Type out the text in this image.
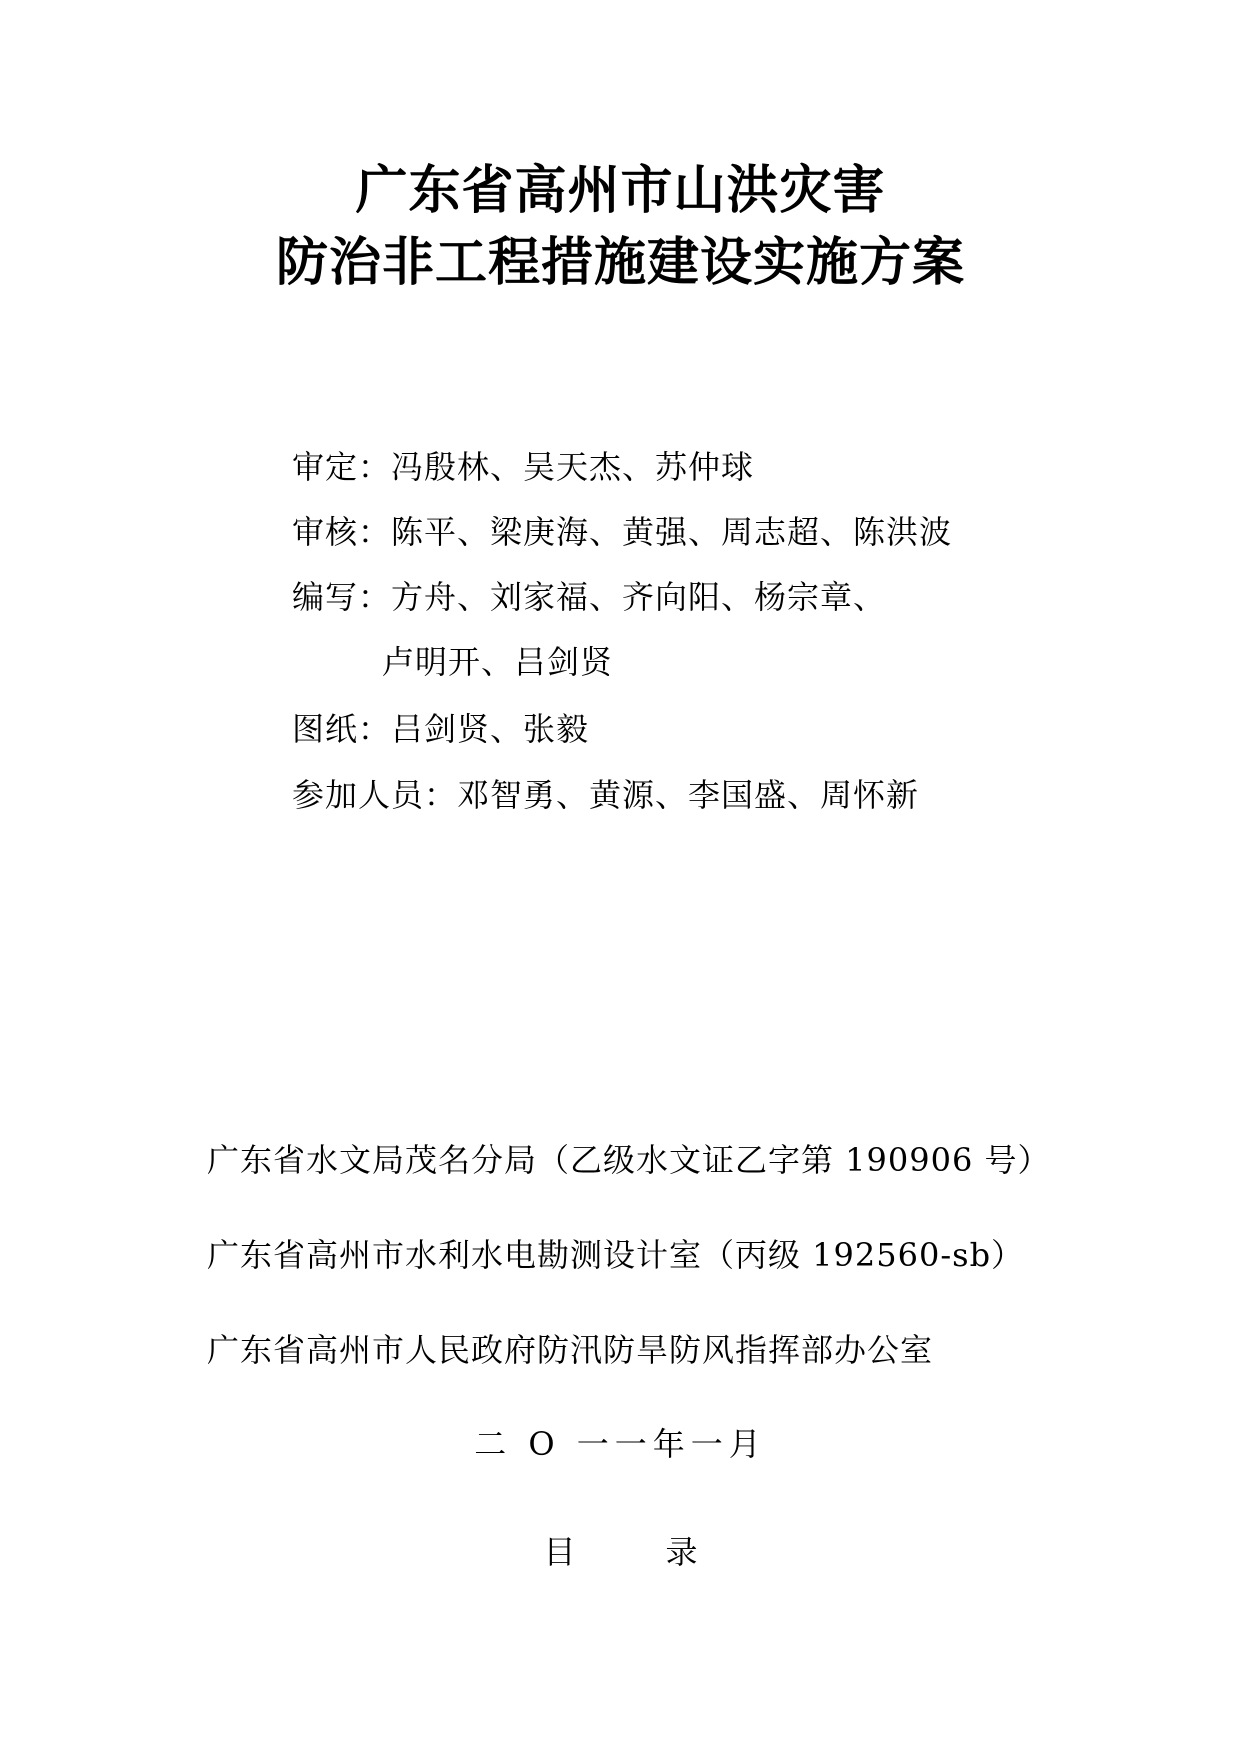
广东省高州市山洪灾害
防治非工程措施建设实施方案
审定：冯殷林、吴天杰、苏仲球
审核：陈平、梁庚海、黄强、周志超、陈洪波
编写：方舟、刘家福、齐向阳、杨宗章、
卢明开、吕剑贤
图纸：吕剑贤、张毅
参加人员：邓智勇、黄源、李国盛、周怀新
广东省水文局茂名分局（乙级水文证乙字第 190906 号）
广东省高州市水利水电勘测设计室（丙级 192560-sb）
广东省高州市人民政府防汛防旱防风指挥部办公室
二 O 一一年一月
目	录
